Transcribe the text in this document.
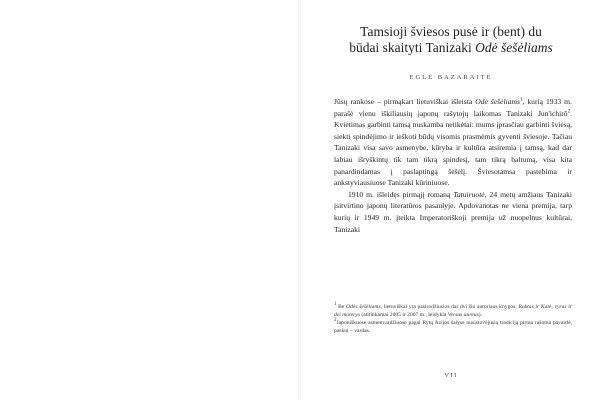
Tamsioji šviesos pusė ir (bent) du
būdai skaityti Tanizaki Odė šešėliams
EGLĖ BAZARAITĖ

Jūsų rankose – pirmąkart lietuviškai išleista Odė šešėliams$^1$, kurią 1933 m. parašė vienu iškiliausių japonų rašytojų laikomas Tanizaki Jun'ichirō$^2$. Kvietimas garbinti tamsą nuskamba netikėtai: mums įprasčiau garbinti šviesą, siekti spindėjimo ir ieškoti būdų visomis prasmėmis gyventi šviesoje. Tačiau Tanizaki visa savo asmenybe, kūryba ir kultūra atsiremia į tamsą, kad dar labiau išryškintų tik tam tikrą spindesį, tam tikrą baltumą, visa kita panardindamas į paslaptingą šešėlį. Šviesotamsa pastebima ir ankstyviausiuose Tanizaki kūriniuose.

1910 m. išleidęs pirmąjį romaną Tatuiruotė, 24 metų amžiaus Tanizaki įsitvirtino japonų literatūros pasaulyje. Apdovanotas ne viena premija, tarp kurių ir 1949 m. įteikta Imperatoriškoji premija už nuopelnus kultūrai, Tanizaki

$^1$ Be Odės šešėliams, lietuviškai yra pasirodžiusios dar dvi šio autoriaus knygos: Raktas ir Katė, vyras ir dvi moterys (atitinkamai 2005 ir 2007 m., leidykla Versus aureus).

$^2$Japoniškuose asmenvardžiuose pagal Rytų Azijos šalyse nusistovėjusią tradiciją pirma rašoma pavardė, paskui – vardas.

VII
